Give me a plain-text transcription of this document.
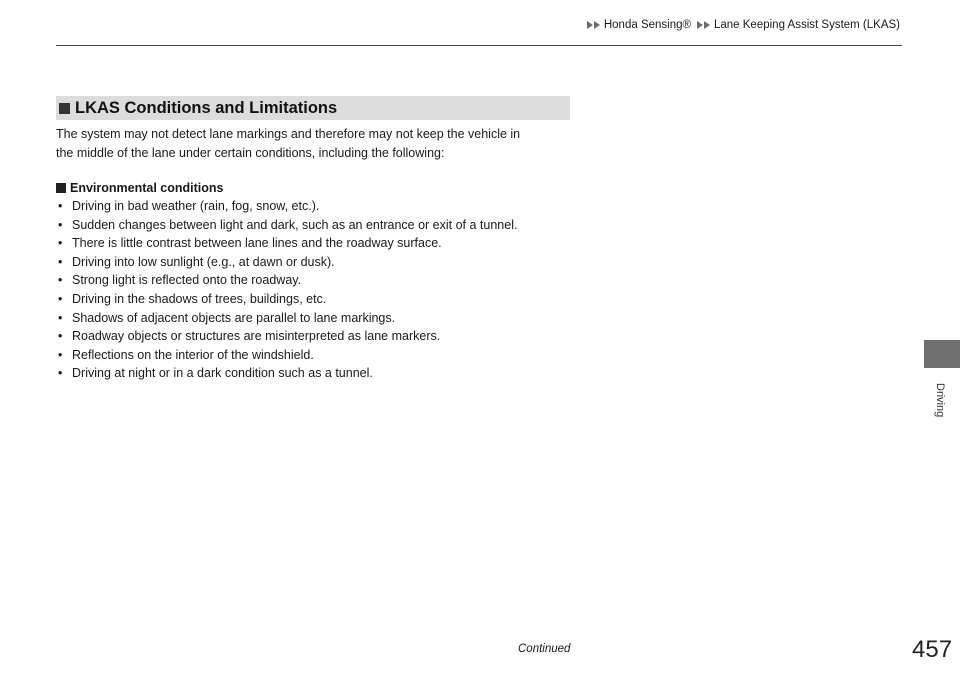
Honda Sensing® Lane Keeping Assist System (LKAS)
Driving
LKAS Conditions and Limitations

The system may not detect lane markings and therefore may not keep the vehicle in

the middle of the lane under certain conditions, including the following:

Environmental conditions
• Driving in bad weather (rain, fog, snow, etc.).
• Sudden changes between light and dark, such as an entrance or exit of a tunnel.
• There is little contrast between lane lines and the roadway surface.
• Driving into low sunlight (e.g., at dawn or dusk).
• Strong light is reflected onto the roadway.
• Driving in the shadows of trees, buildings, etc.
• Shadows of adjacent objects are parallel to lane markings.
• Roadway objects or structures are misinterpreted as lane markers.
• Reflections on the interior of the windshield.
• Driving at night or in a dark condition such as a tunnel.
Continued	457
